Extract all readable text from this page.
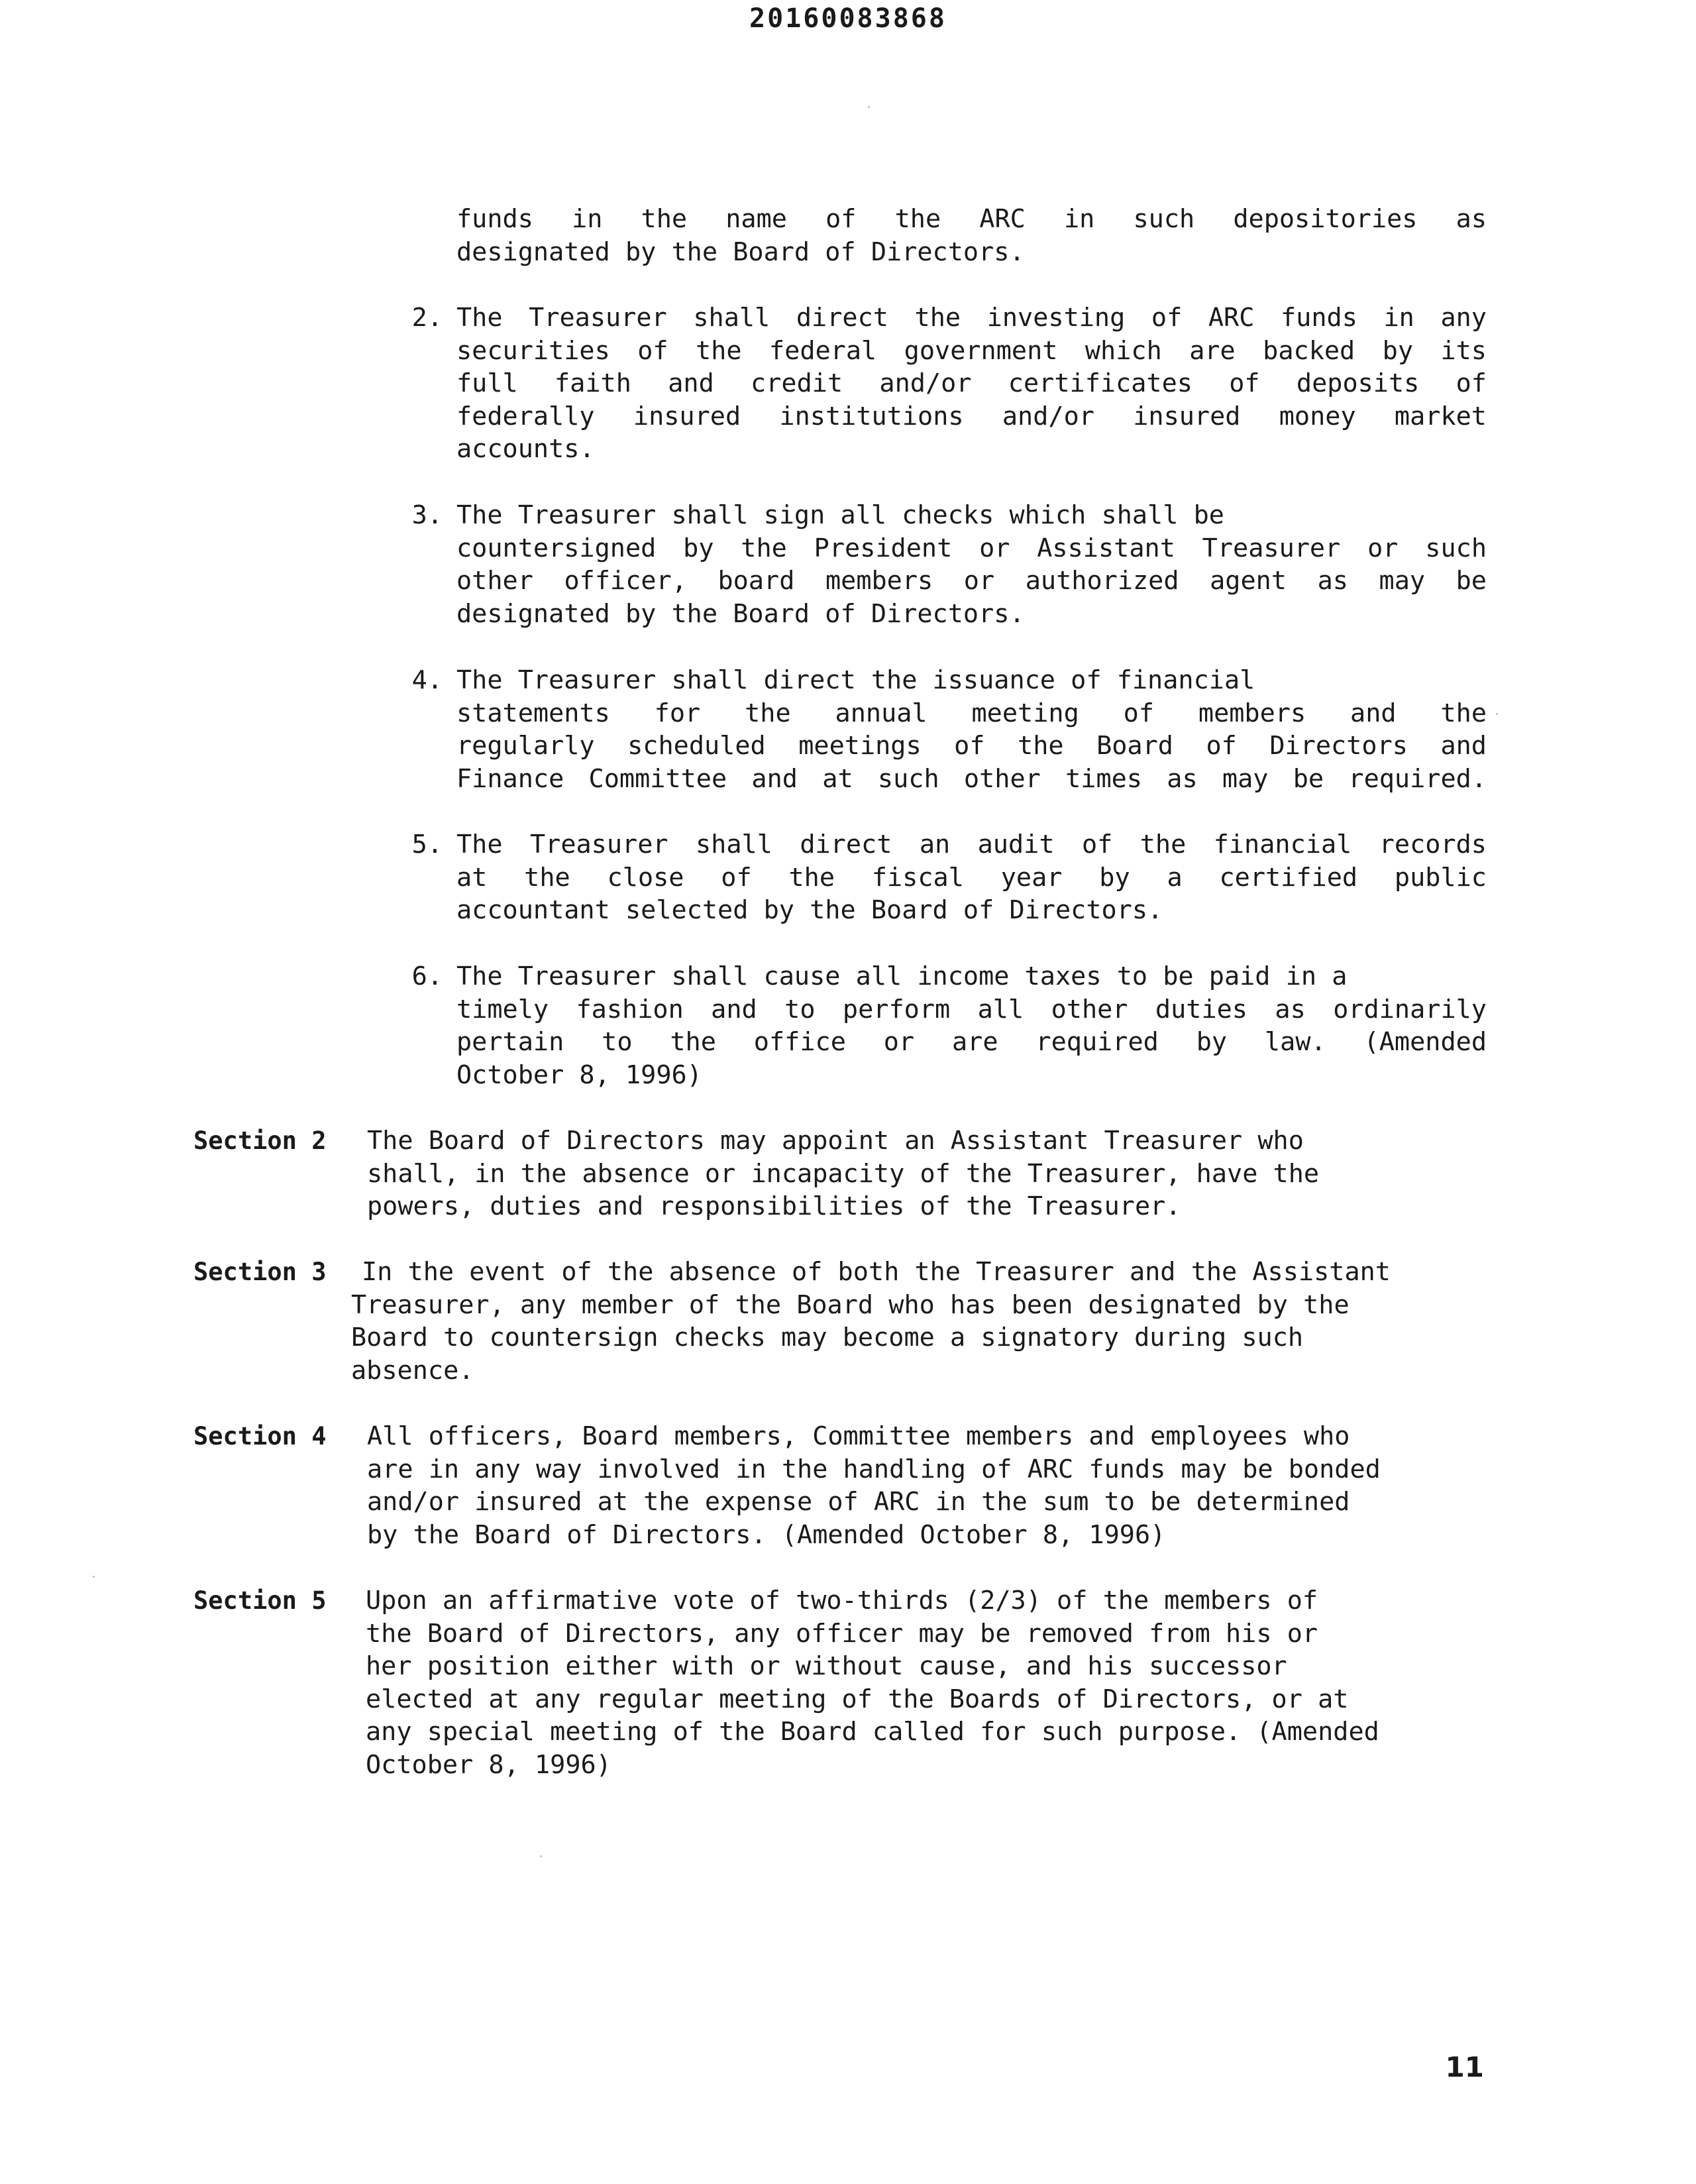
20160083868
funds in the name of the ARC in such depositories as
designated by the Board of Directors.
2. The Treasurer shall direct the investing of ARC funds in any
securities of the federal government which are backed by its
full faith and credit and/or certificates of deposits of
federally insured institutions and/or insured money market
accounts.
3. The Treasurer shall sign all checks which shall be
countersigned by the President or Assistant Treasurer or such
other officer, board members or authorized agent as may be
designated by the Board of Directors.
4. The Treasurer shall direct the issuance of financial
statements for the annual meeting of members and the
regularly scheduled meetings of the Board of Directors and
Finance Committee and at such other times as may be required.
5. The Treasurer shall direct an audit of the financial records
at the close of the fiscal year by a certified public
accountant selected by the Board of Directors.
6. The Treasurer shall cause all income taxes to be paid in a
timely fashion and to perform all other duties as ordinarily
pertain to the office or are required by law. (Amended
October 8, 1996)
Section 2 The Board of Directors may appoint an Assistant Treasurer who
shall, in the absence or incapacity of the Treasurer, have the
powers, duties and responsibilities of the Treasurer.
Section 3 In the event of the absence of both the Treasurer and the Assistant
Treasurer, any member of the Board who has been designated by the
Board to countersign checks may become a signatory during such
absence.
Section 4 All officers, Board members, Committee members and employees who
are in any way involved in the handling of ARC funds may be bonded
and/or insured at the expense of ARC in the sum to be determined
by the Board of Directors. (Amended October 8, 1996)
Section 5 Upon an affirmative vote of two-thirds (2/3) of the members of
the Board of Directors, any officer may be removed from his or
her position either with or without cause, and his successor
elected at any regular meeting of the Boards of Directors, or at
any special meeting of the Board called for such purpose. (Amended
October 8, 1996)
11
